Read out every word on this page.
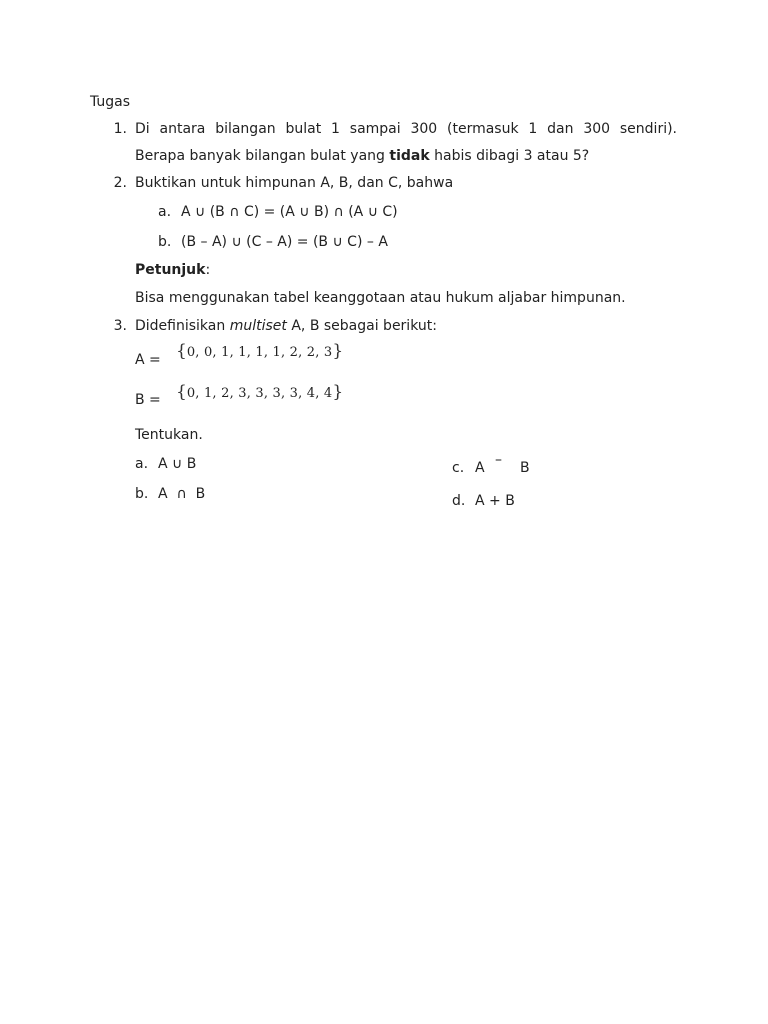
Tugas
1. Di antara bilangan bulat 1 sampai 300 (termasuk 1 dan 300 sendiri).
Berapa banyak bilangan bulat yang tidak habis dibagi 3 atau 5?
2. Buktikan untuk himpunan A, B, dan C, bahwa
a. A ∪ (B ∩ C) = (A ∪ B) ∩ (A ∪ C)
b. (B – A) ∪ (C – A) = (B ∪ C) – A
Petunjuk:
Bisa menggunakan tabel keanggotaan atau hukum aljabar himpunan.
3. Didefinisikan multiset A, B sebagai berikut:
A = {0, 0, 1, 1, 1, 1, 2, 2, 3}
B = {0, 1, 2, 3, 3, 3, 3, 4, 4}
Tentukan.
a. A ∪ B
b. A  ∩  B
c. A – B
d. A + B
